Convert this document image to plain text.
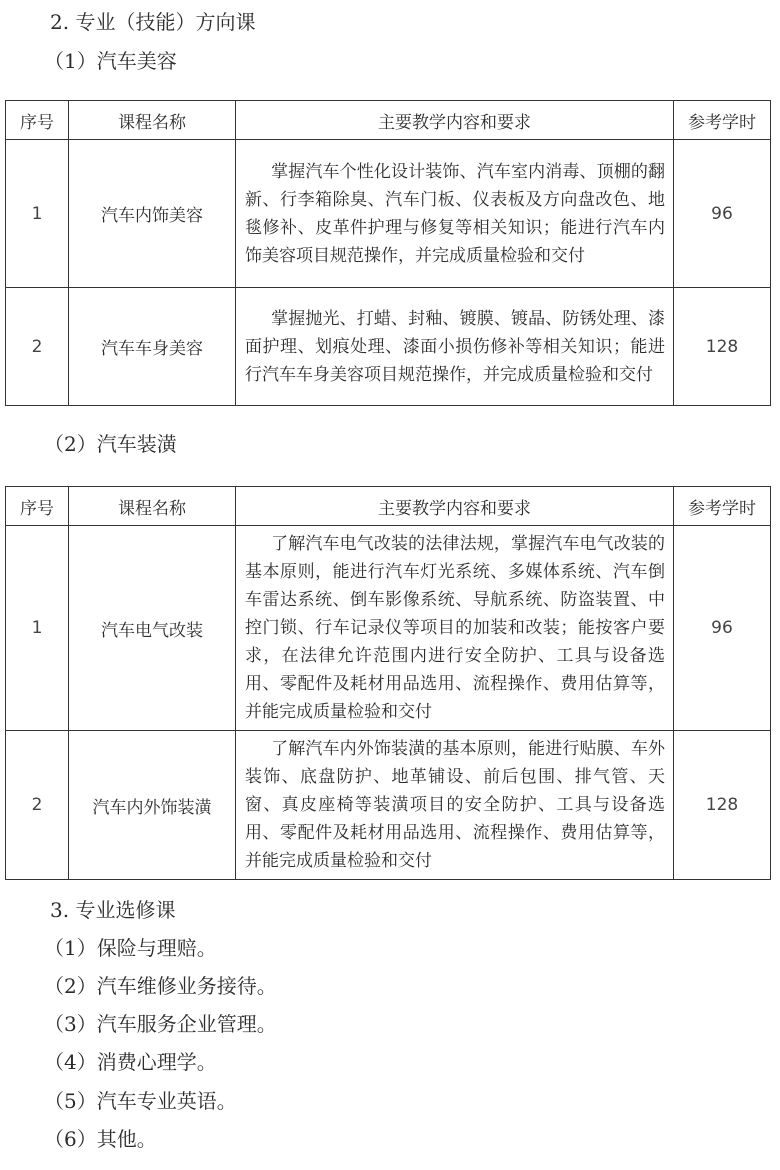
2. 专业（技能）方向课
（1）汽车美容
序号	课程名称	主要教学内容和要求	参考学时
1	汽车内饰美容	掌握汽车个性化设计装饰、汽车室内消毒、顶棚的翻新、行李箱除臭、汽车门板、仪表板及方向盘改色、地毯修补、皮革件护理与修复等相关知识；能进行汽车内饰美容项目规范操作，并完成质量检验和交付	96
2	汽车车身美容	掌握抛光、打蜡、封釉、镀膜、镀晶、防锈处理、漆面护理、划痕处理、漆面小损伤修补等相关知识；能进行汽车车身美容项目规范操作，并完成质量检验和交付	128
（2）汽车装潢
序号	课程名称	主要教学内容和要求	参考学时
1	汽车电气改装	了解汽车电气改装的法律法规，掌握汽车电气改装的基本原则，能进行汽车灯光系统、多媒体系统、汽车倒车雷达系统、倒车影像系统、导航系统、防盗装置、中控门锁、行车记录仪等项目的加装和改装；能按客户要求，在法律允许范围内进行安全防护、工具与设备选用、零配件及耗材用品选用、流程操作、费用估算等，并能完成质量检验和交付	96
2	汽车内外饰装潢	了解汽车内外饰装潢的基本原则，能进行贴膜、车外装饰、底盘防护、地革铺设、前后包围、排气管、天窗、真皮座椅等装潢项目的安全防护、工具与设备选用、零配件及耗材用品选用、流程操作、费用估算等，并能完成质量检验和交付	128
3. 专业选修课
（1）保险与理赔。
（2）汽车维修业务接待。
（3）汽车服务企业管理。
（4）消费心理学。
（5）汽车专业英语。
（6）其他。
